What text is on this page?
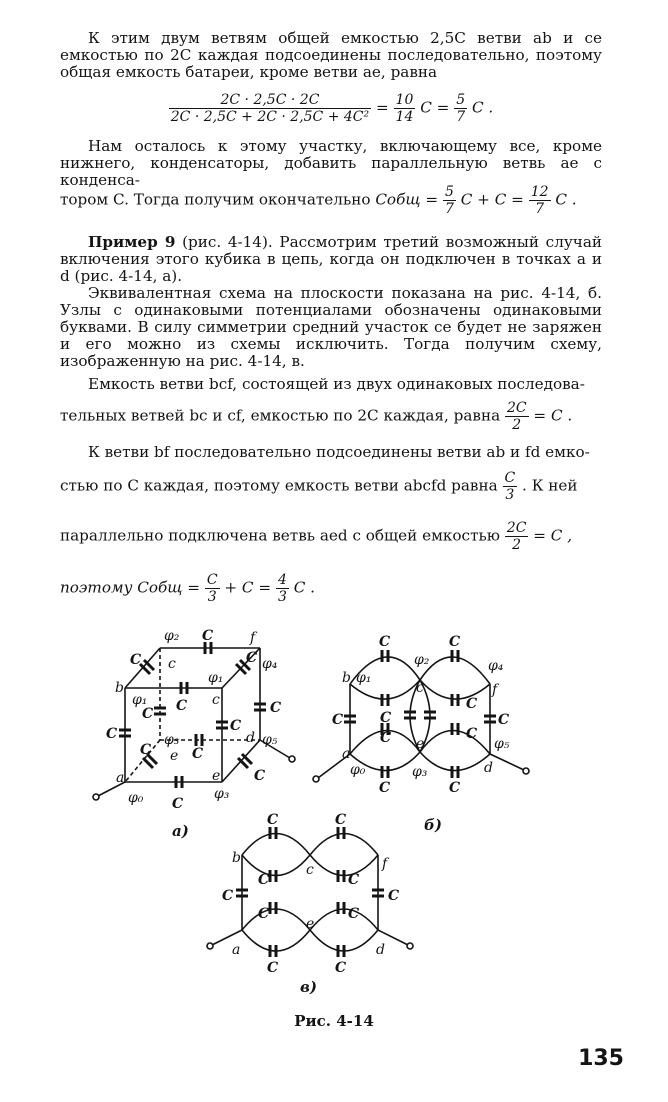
К этим двум ветвям общей емкостью 2,5C ветви ab и ce емкостью по 2C каждая подсоединены последовательно, поэтому общая емкость батареи, кроме ветви ae, равна

$\frac{2C \cdot 2,5C \cdot 2C}{\text{2C · 2,5C + 2C · 2,5C + 4C²}} = \frac{10}{14}$ $C = \frac{5}{7}$ C .

Нам осталось к этому участку, включающему все, кроме нижнего, конденсаторы, добавить параллельную ветвь ae с конденса-

тором C. Тогда получим окончательно Cобщ = $\frac{5}{7}$ $C + C = \frac{12}{7}$ C .

Пример 9 (рис. 4-14). Рассмотрим третий возможный случай включения этого кубика в цепь, когда он подключен в точках a и d (рис. 4-14, a).

Эквивалентная схема на плоскости показана на рис. 4-14, б. Узлы с одинаковыми потенциалами обозначены одинаковыми буквами. В силу симметрии средний участок ce будет не заряжен и его можно из схемы исключить. Тогда получим схему, изображенную на рис. 4-14, в.

Емкость ветви bcf, состоящей из двух одинаковых последова-

тельных ветвей bc и cf, емкостью по 2C каждая, равна $\frac{2C}{2} = C$ .

К ветви bf последовательно подсоединены ветви ab и fd емко-

стью по C каждая, поэтому емкость ветви abcfd равна $\frac{C}{3}$ . К ней
параллельно подключена ветвь aed с общей емкостью $\frac{2C}{2} = C$ ,
поэтому Cобщ = $\frac{C}{3} + C = \frac{4}{3}$ C .
b
c
f
c
e
e
d
a
φ₂
φ₄
φ₁
φ₁
φ₃	φ₅
φ₀	φ₃
b φ₁
φ₂
c
φ₄
f
a
φ₀
e
φ₃	d
φ₅
b
c	f
a
e
d
C
C	C
C
C	C
C	C
C	C
C
C
C	C
C
C
C	C
C	C
C	C
C	C
C	C
C	C
C	C
C	C
а)	б)
в)
Рис. 4-14
135
